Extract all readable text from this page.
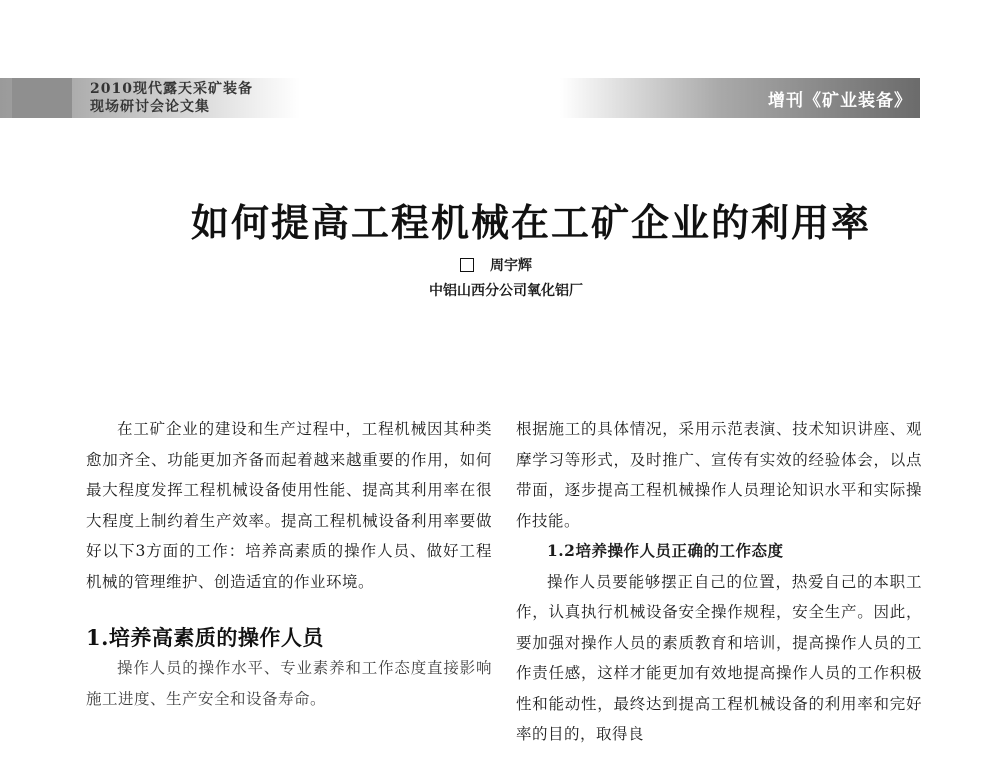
2010现代露天采矿装备
现场研讨会论文集	增刊《矿业装备》
如何提高工程机械在工矿企业的利用率
周宇辉
中铝山西分公司氧化铝厂

在工矿企业的建设和生产过程中，工程机械因其种类愈加齐全、功能更加齐备而起着越来越重要的作用，如何最大程度发挥工程机械设备使用性能、提高其利用率在很大程度上制约着生产效率。提高工程机械设备利用率要做好以下3方面的工作：培养高素质的操作人员、做好工程机械的管理维护、创造适宜的作业环境。

1.培养高素质的操作人员

操作人员的操作水平、专业素养和工作态度直接影响施工进度、生产安全和设备寿命。

根据施工的具体情况，采用示范表演、技术知识讲座、观摩学习等形式，及时推广、宣传有实效的经验体会，以点带面，逐步提高工程机械操作人员理论知识水平和实际操作技能。

1.2培养操作人员正确的工作态度

操作人员要能够摆正自己的位置，热爱自己的本职工作，认真执行机械设备安全操作规程，安全生产。因此，要加强对操作人员的素质教育和培训，提高操作人员的工作责任感，这样才能更加有效地提高操作人员的工作积极性和能动性，最终达到提高工程机械设备的利用率和完好率的目的，取得良
